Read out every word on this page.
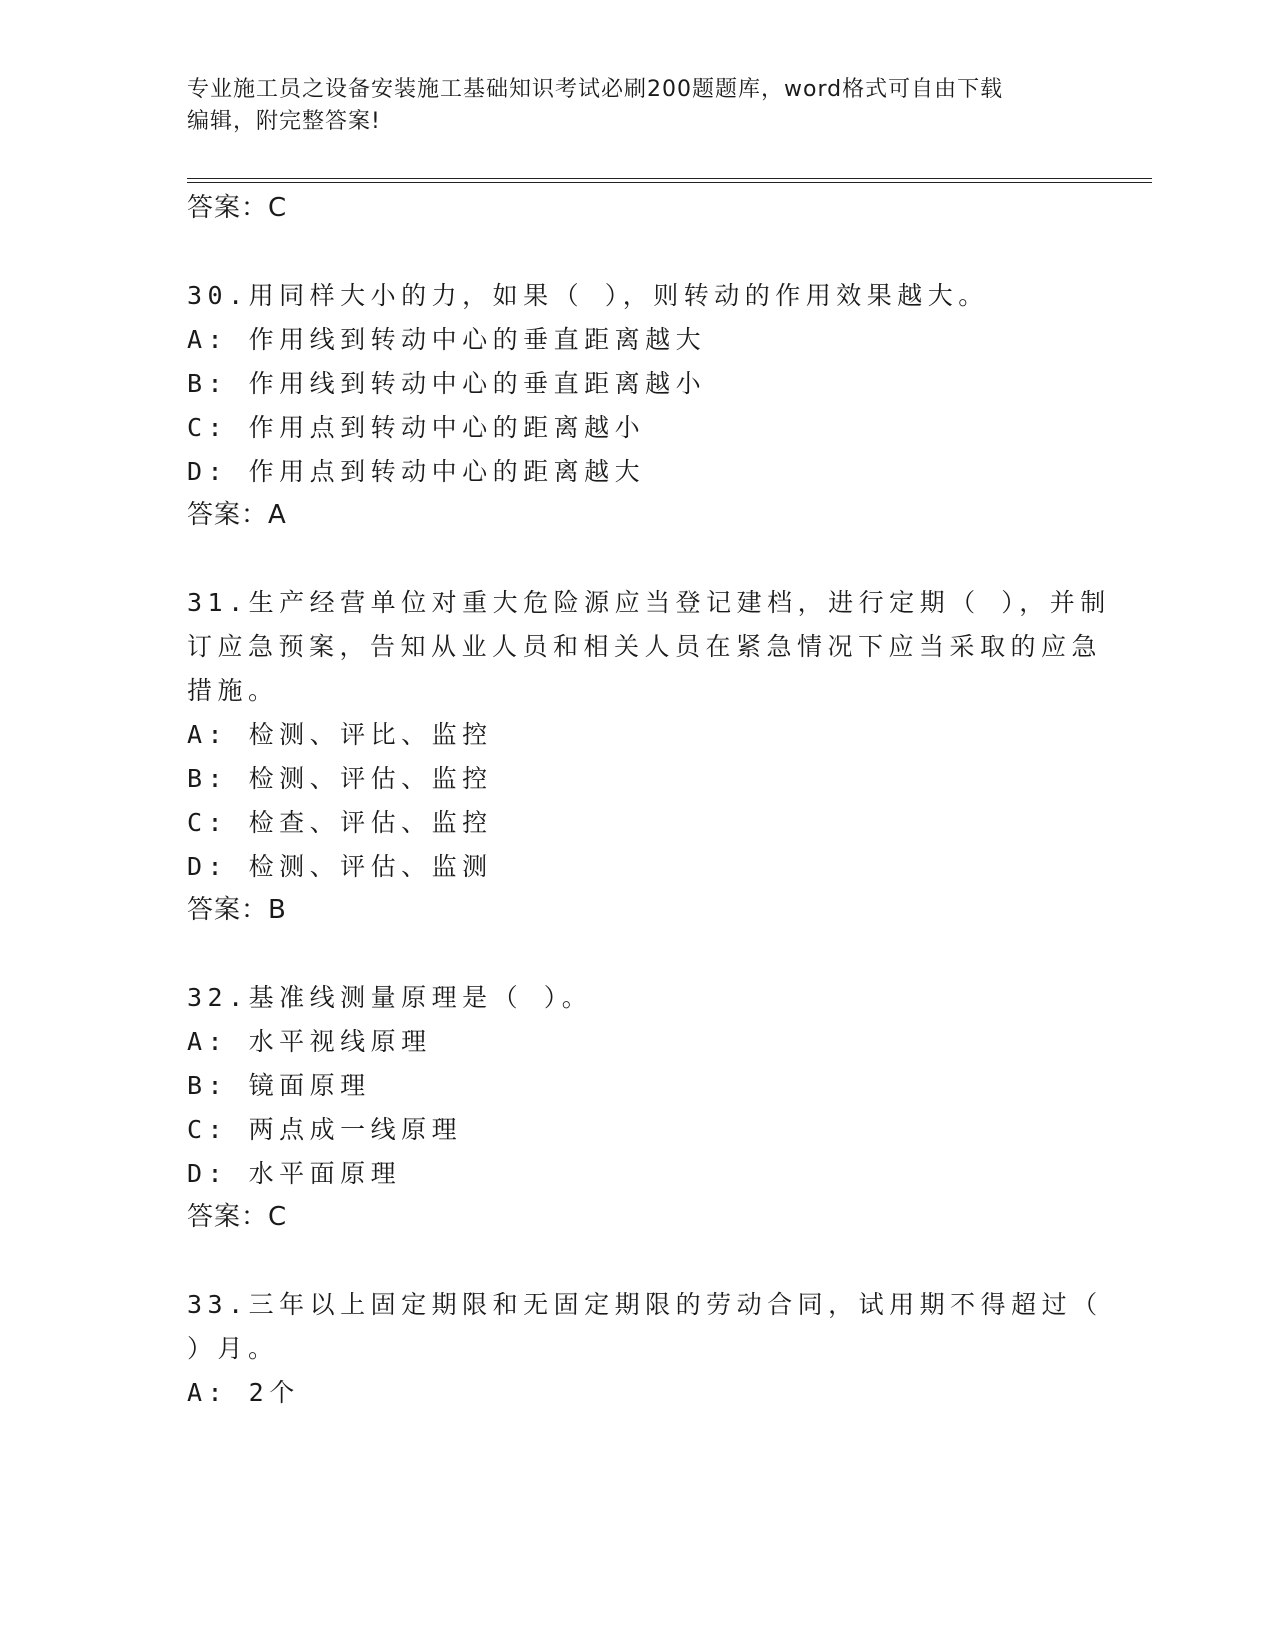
专业施工员之设备安装施工基础知识考试必刷200题题库，word格式可自由下载
编辑，附完整答案!
答案：C
30.用同样大小的力，如果（ ），则转动的作用效果越大。
A: 作用线到转动中心的垂直距离越大
B: 作用线到转动中心的垂直距离越小
C: 作用点到转动中心的距离越小
D: 作用点到转动中心的距离越大
答案：A
31.生产经营单位对重大危险源应当登记建档，进行定期（ ），并制
订应急预案，告知从业人员和相关人员在紧急情况下应当采取的应急
措施。
A: 检测、评比、监控
B: 检测、评估、监控
C: 检查、评估、监控
D: 检测、评估、监测
答案：B
32.基准线测量原理是（ ）。
A: 水平视线原理
B: 镜面原理
C: 两点成一线原理
D: 水平面原理
答案：C
33.三年以上固定期限和无固定期限的劳动合同，试用期不得超过（
）月。
A: 2个
